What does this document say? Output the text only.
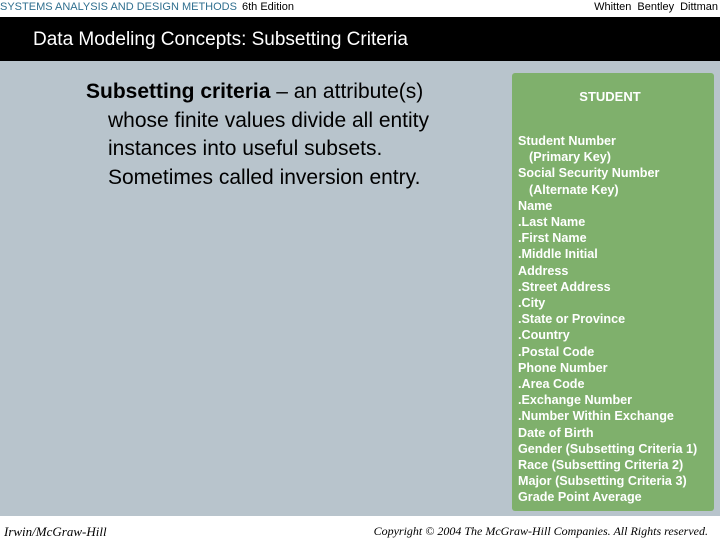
SYSTEMS ANALYSIS AND DESIGN METHODS 6th Edition	Whitten Bentley Dittman
Data Modeling Concepts: Subsetting Criteria
Subsetting criteria – an attribute(s)
whose finite values divide all entity
instances into useful subsets.
Sometimes called inversion entry.
STUDENT
Student Number
(Primary Key)
Social Security Number
(Alternate Key)
Name
.Last Name
.First Name
.Middle Initial
Address
.Street Address
.City
.State or Province
.Country
.Postal Code
Phone Number
.Area Code
.Exchange Number
.Number Within Exchange
Date of Birth
Gender (Subsetting Criteria 1)
Race (Subsetting Criteria 2)
Major (Subsetting Criteria 3)
Grade Point Average
Irwin/McGraw-Hill	Copyright © 2004 The McGraw-Hill Companies. All Rights reserved.
